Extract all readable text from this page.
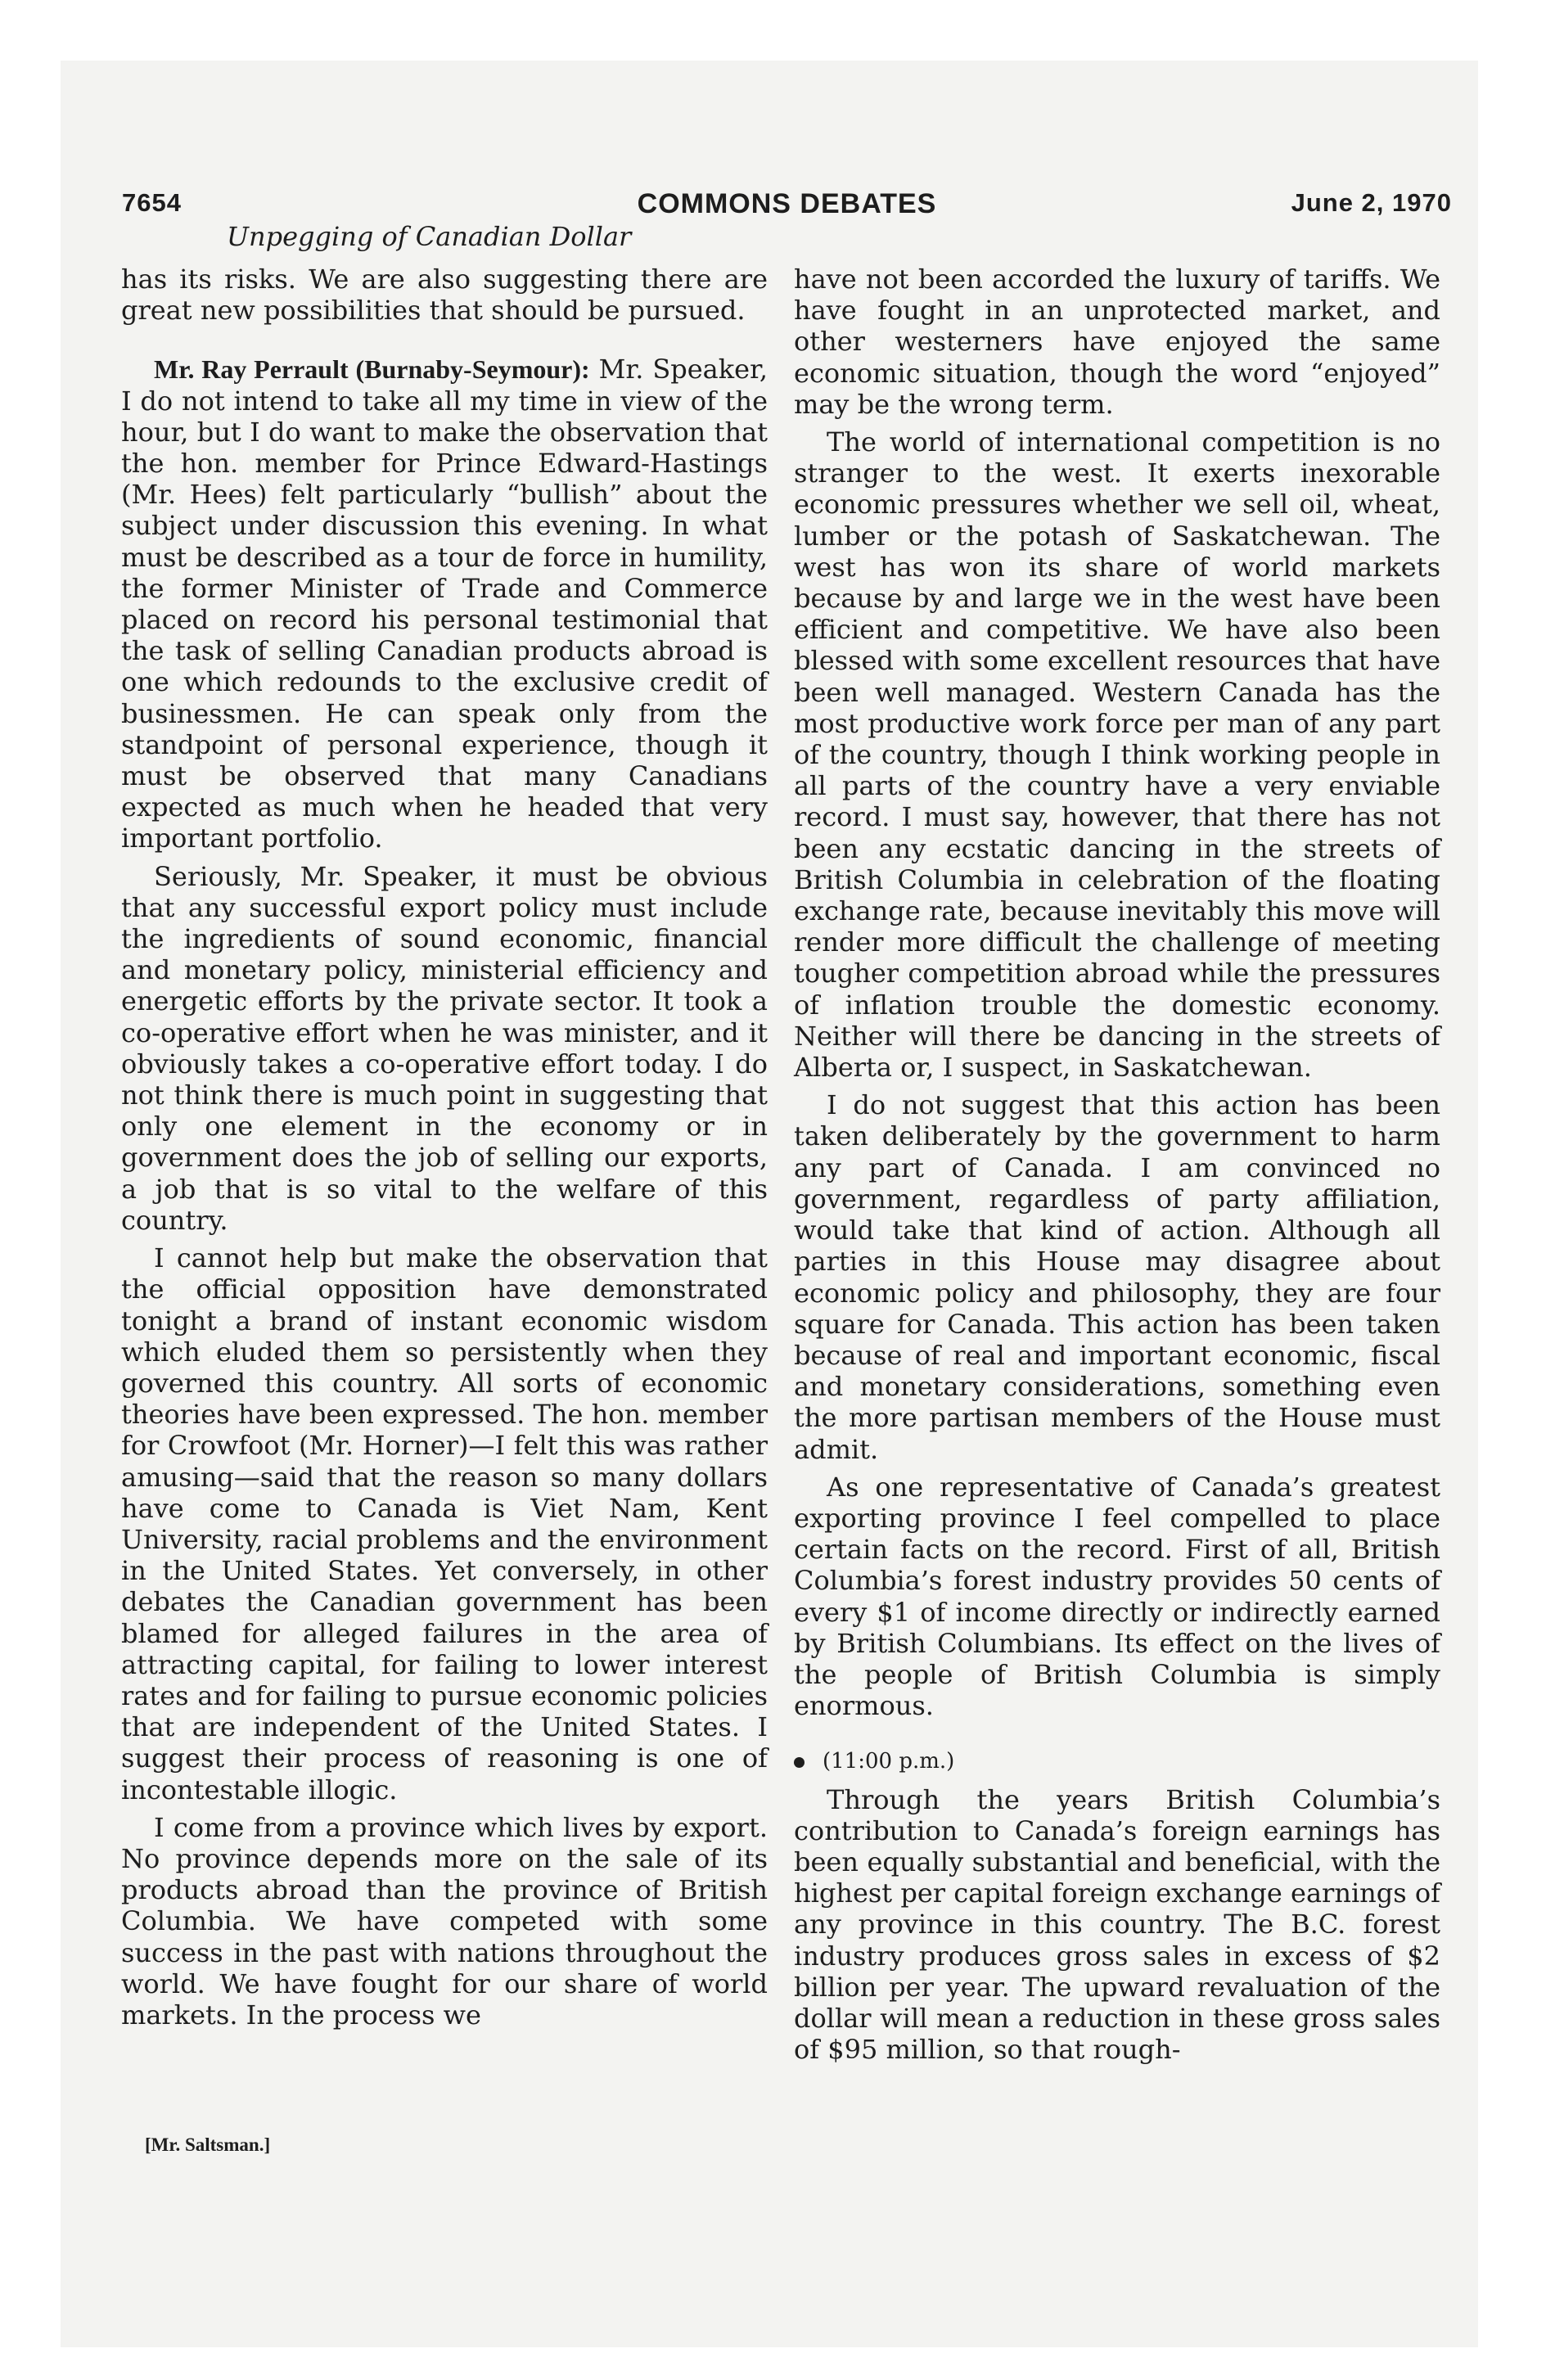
7654	COMMONS DEBATES	June 2, 1970
Unpegging of Canadian Dollar

has its risks. We are also suggesting there are great new possibilities that should be pursued.

Mr. Ray Perrault (Burnaby-Seymour): Mr. Speaker, I do not intend to take all my time in view of the hour, but I do want to make the observation that the hon. member for Prince Edward-Hastings (Mr. Hees) felt particularly “bullish” about the subject under discussion this evening. In what must be described as a tour de force in humility, the former Minister of Trade and Commerce placed on record his personal testimonial that the task of selling Canadian products abroad is one which redounds to the exclusive credit of businessmen. He can speak only from the standpoint of personal experience, though it must be observed that many Canadians expected as much when he headed that very important portfolio.

Seriously, Mr. Speaker, it must be obvious that any successful export policy must include the ingredients of sound economic, financial and monetary policy, ministerial efficiency and energetic efforts by the private sector. It took a co-operative effort when he was minister, and it obviously takes a co-operative effort today. I do not think there is much point in suggesting that only one element in the economy or in government does the job of selling our exports, a job that is so vital to the welfare of this country.

I cannot help but make the observation that the official opposition have demonstrated tonight a brand of instant economic wisdom which eluded them so persistently when they governed this country. All sorts of economic theories have been expressed. The hon. member for Crowfoot (Mr. Horner)—I felt this was rather amusing—said that the reason so many dollars have come to Canada is Viet Nam, Kent University, racial problems and the environment in the United States. Yet conversely, in other debates the Canadian government has been blamed for alleged failures in the area of attracting capital, for failing to lower interest rates and for failing to pursue economic policies that are independent of the United States. I suggest their process of reasoning is one of incontestable illogic.

I come from a province which lives by export. No province depends more on the sale of its products abroad than the province of British Columbia. We have competed with some success in the past with nations throughout the world. We have fought for our share of world markets. In the process we

have not been accorded the luxury of tariffs. We have fought in an unprotected market, and other westerners have enjoyed the same economic situation, though the word “enjoyed” may be the wrong term.

The world of international competition is no stranger to the west. It exerts inexorable economic pressures whether we sell oil, wheat, lumber or the potash of Saskatchewan. The west has won its share of world markets because by and large we in the west have been efficient and competitive. We have also been blessed with some excellent resources that have been well managed. Western Canada has the most productive work force per man of any part of the country, though I think working people in all parts of the country have a very enviable record. I must say, however, that there has not been any ecstatic dancing in the streets of British Columbia in celebration of the floating exchange rate, because inevitably this move will render more difficult the challenge of meeting tougher competition abroad while the pressures of inflation trouble the domestic economy. Neither will there be dancing in the streets of Alberta or, I suspect, in Saskatchewan.

I do not suggest that this action has been taken deliberately by the government to harm any part of Canada. I am convinced no government, regardless of party affiliation, would take that kind of action. Although all parties in this House may disagree about economic policy and philosophy, they are four square for Canada. This action has been taken because of real and important economic, fiscal and monetary considerations, something even the more partisan members of the House must admit.

As one representative of Canada’s greatest exporting province I feel compelled to place certain facts on the record. First of all, British Columbia’s forest industry provides 50 cents of every $1 of income directly or indirectly earned by British Columbians. Its effect on the lives of the people of British Columbia is simply enormous.

(11:00 p.m.)

Through the years British Columbia’s contribution to Canada’s foreign earnings has been equally substantial and beneficial, with the highest per capital foreign exchange earnings of any province in this country. The B.C. forest industry produces gross sales in excess of $2 billion per year. The upward revaluation of the dollar will mean a reduction in these gross sales of $95 million, so that rough-

[Mr. Saltsman.]
